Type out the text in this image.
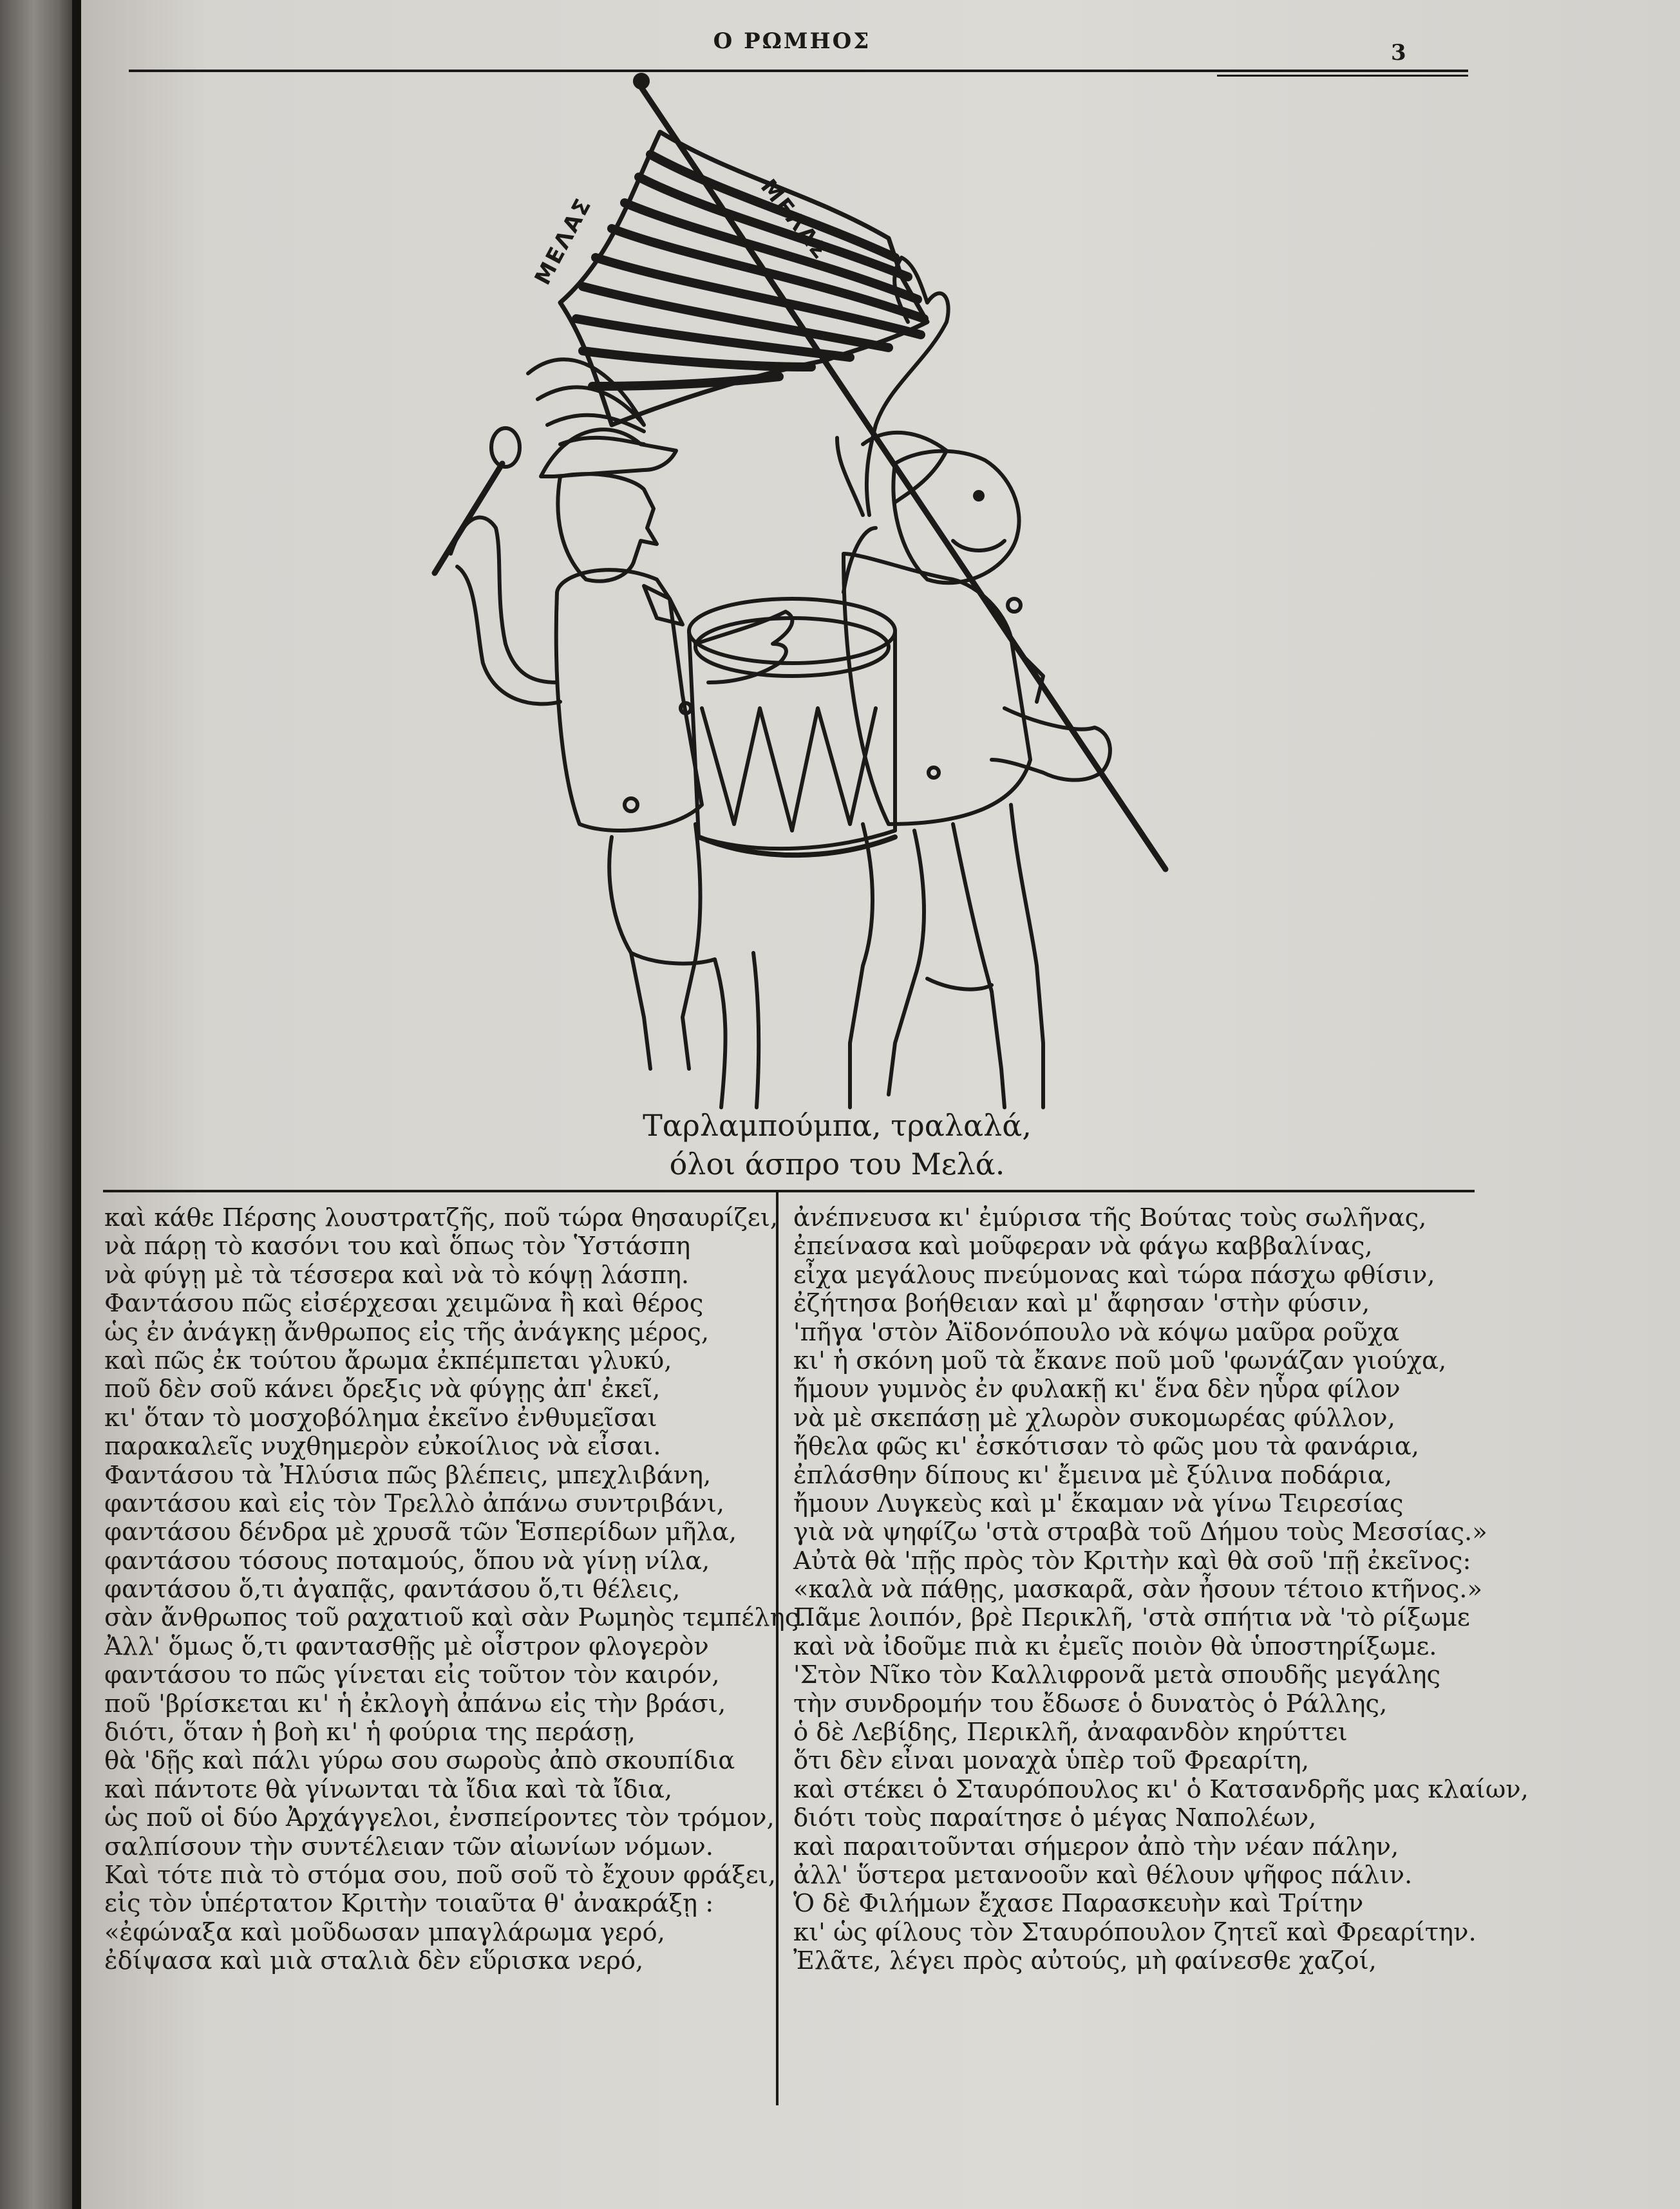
Ο ΡΩΜΗΟΣ	3
ΜΕΛΑΣ	ΜΕΛΑΣ
Ταρλαμπούμπα, τραλαλά,
όλοι άσπρο του Μελά.
καὶ κάθε Πέρσης λουστρατζῆς, ποῦ τώρα θησαυρίζει,
νὰ πάρῃ τὸ κασόνι του καὶ ὅπως τὸν Ὑστάσπη
νὰ φύγῃ μὲ τὰ τέσσερα καὶ νὰ τὸ κόψῃ λάσπη.
Φαντάσου πῶς εἰσέρχεσαι χειμῶνα ἢ καὶ θέρος
ὡς ἐν ἀνάγκῃ ἄνθρωπος εἰς τῆς ἀνάγκης μέρος,
καὶ πῶς ἐκ τούτου ἄρωμα ἐκπέμπεται γλυκύ,
ποῦ δὲν σοῦ κάνει ὄρεξις νὰ φύγῃς ἀπ' ἐκεῖ,
κι' ὅταν τὸ μοσχοβόλημα ἐκεῖνο ἐνθυμεῖσαι
παρακαλεῖς νυχθημερὸν εὐκοίλιος νὰ εἶσαι.
Φαντάσου τὰ Ἠλύσια πῶς βλέπεις, μπεχλιβάνη,
φαντάσου καὶ εἰς τὸν Τρελλὸ ἀπάνω συντριβάνι,
φαντάσου δένδρα μὲ χρυσᾶ τῶν Ἑσπερίδων μῆλα,
φαντάσου τόσους ποταμούς, ὅπου νὰ γίνῃ νίλα,
φαντάσου ὅ,τι ἀγαπᾷς, φαντάσου ὅ,τι θέλεις,
σὰν ἄνθρωπος τοῦ ραχατιοῦ καὶ σὰν Ρωμηὸς τεμπέλης.
Ἀλλ' ὅμως ὅ,τι φαντασθῇς μὲ οἶστρον φλογερὸν
φαντάσου το πῶς γίνεται εἰς τοῦτον τὸν καιρόν,
ποῦ 'βρίσκεται κι' ἡ ἐκλογὴ ἀπάνω εἰς τὴν βράσι,
διότι, ὅταν ἡ βοὴ κι' ἡ φούρια της περάσῃ,
θὰ 'δῇς καὶ πάλι γύρω σου σωροὺς ἀπὸ σκουπίδια
καὶ πάντοτε θὰ γίνωνται τὰ ἴδια καὶ τὰ ἴδια,
ὡς ποῦ οἱ δύο Ἀρχάγγελοι, ἐνσπείροντες τὸν τρόμον,
σαλπίσουν τὴν συντέλειαν τῶν αἰωνίων νόμων.
Καὶ τότε πιὰ τὸ στόμα σου, ποῦ σοῦ τὸ ἔχουν φράξει,
εἰς τὸν ὑπέρτατον Κριτὴν τοιαῦτα θ' ἀνακράξῃ :
«ἐφώναξα καὶ μοῦδωσαν μπαγλάρωμα γερό,
ἐδίψασα καὶ μιὰ σταλιὰ δὲν εὕρισκα νερό,
ἀνέπνευσα κι' ἐμύρισα τῆς Βούτας τοὺς σωλῆνας,
ἐπείνασα καὶ μοῦφεραν νὰ φάγω καββαλίνας,
εἶχα μεγάλους πνεύμονας καὶ τώρα πάσχω φθίσιν,
ἐζήτησα βοήθειαν καὶ μ' ἄφησαν 'στὴν φύσιν,
'πῆγα 'στὸν Ἀϊδονόπουλο νὰ κόψω μαῦρα ροῦχα
κι' ἡ σκόνη μοῦ τὰ ἔκανε ποῦ μοῦ 'φωνάζαν γιούχα,
ἤμουν γυμνὸς ἐν φυλακῇ κι' ἕνα δὲν ηὗρα φίλον
νὰ μὲ σκεπάσῃ μὲ χλωρὸν συκομωρέας φύλλον,
ἤθελα φῶς κι' ἐσκότισαν τὸ φῶς μου τὰ φανάρια,
ἐπλάσθην δίπους κι' ἔμεινα μὲ ξύλινα ποδάρια,
ἤμουν Λυγκεὺς καὶ μ' ἔκαμαν νὰ γίνω Τειρεσίας
γιὰ νὰ ψηφίζω 'στὰ στραβὰ τοῦ Δήμου τοὺς Μεσσίας.»
Αὐτὰ θὰ 'πῇς πρὸς τὸν Κριτὴν καὶ θὰ σοῦ 'πῇ ἐκεῖνος:
«καλὰ νὰ πάθῃς, μασκαρᾶ, σὰν ἦσουν τέτοιο κτῆνος.»
Πᾶμε λοιπόν, βρὲ Περικλῆ, 'στὰ σπήτια νὰ 'τὸ ρίξωμε
καὶ νὰ ἰδοῦμε πιὰ κι ἐμεῖς ποιὸν θὰ ὑποστηρίξωμε.
'Στὸν Νῖκο τὸν Καλλιφρονᾶ μετὰ σπουδῆς μεγάλης
τὴν συνδρομήν του ἔδωσε ὁ δυνατὸς ὁ Ράλλης,
ὁ δὲ Λεβίδης, Περικλῆ, ἀναφανδὸν κηρύττει
ὅτι δὲν εἶναι μοναχὰ ὑπὲρ τοῦ Φρεαρίτη,
καὶ στέκει ὁ Σταυρόπουλος κι' ὁ Κατσανδρῆς μας κλαίων,
διότι τοὺς παραίτησε ὁ μέγας Ναπολέων,
καὶ παραιτοῦνται σήμερον ἀπὸ τὴν νέαν πάλην,
ἀλλ' ὕστερα μετανοοῦν καὶ θέλουν ψῆφος πάλιν.
Ὁ δὲ Φιλήμων ἔχασε Παρασκευὴν καὶ Τρίτην
κι' ὡς φίλους τὸν Σταυρόπουλον ζητεῖ καὶ Φρεαρίτην.
Ἐλᾶτε, λέγει πρὸς αὐτούς, μὴ φαίνεσθε χαζοί,
